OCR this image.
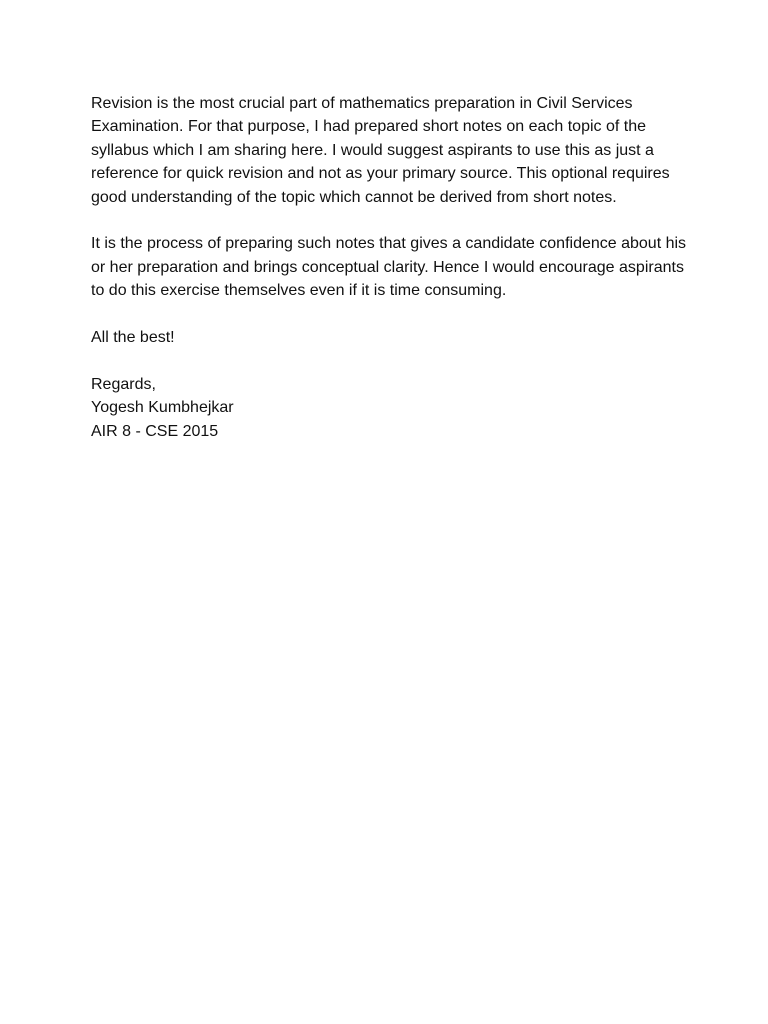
Revision is the most crucial part of mathematics preparation in Civil Services Examination. For that purpose, I had prepared short notes on each topic of the syllabus which I am sharing here. I would suggest aspirants to use this as just a reference for quick revision and not as your primary source. This optional requires good understanding of the topic which cannot be derived from short notes.

It is the process of preparing such notes that gives a candidate confidence about his or her preparation and brings conceptual clarity. Hence I would encourage aspirants to do this exercise themselves even if it is time consuming.

All the best!

Regards,
Yogesh Kumbhejkar
AIR 8 - CSE 2015
